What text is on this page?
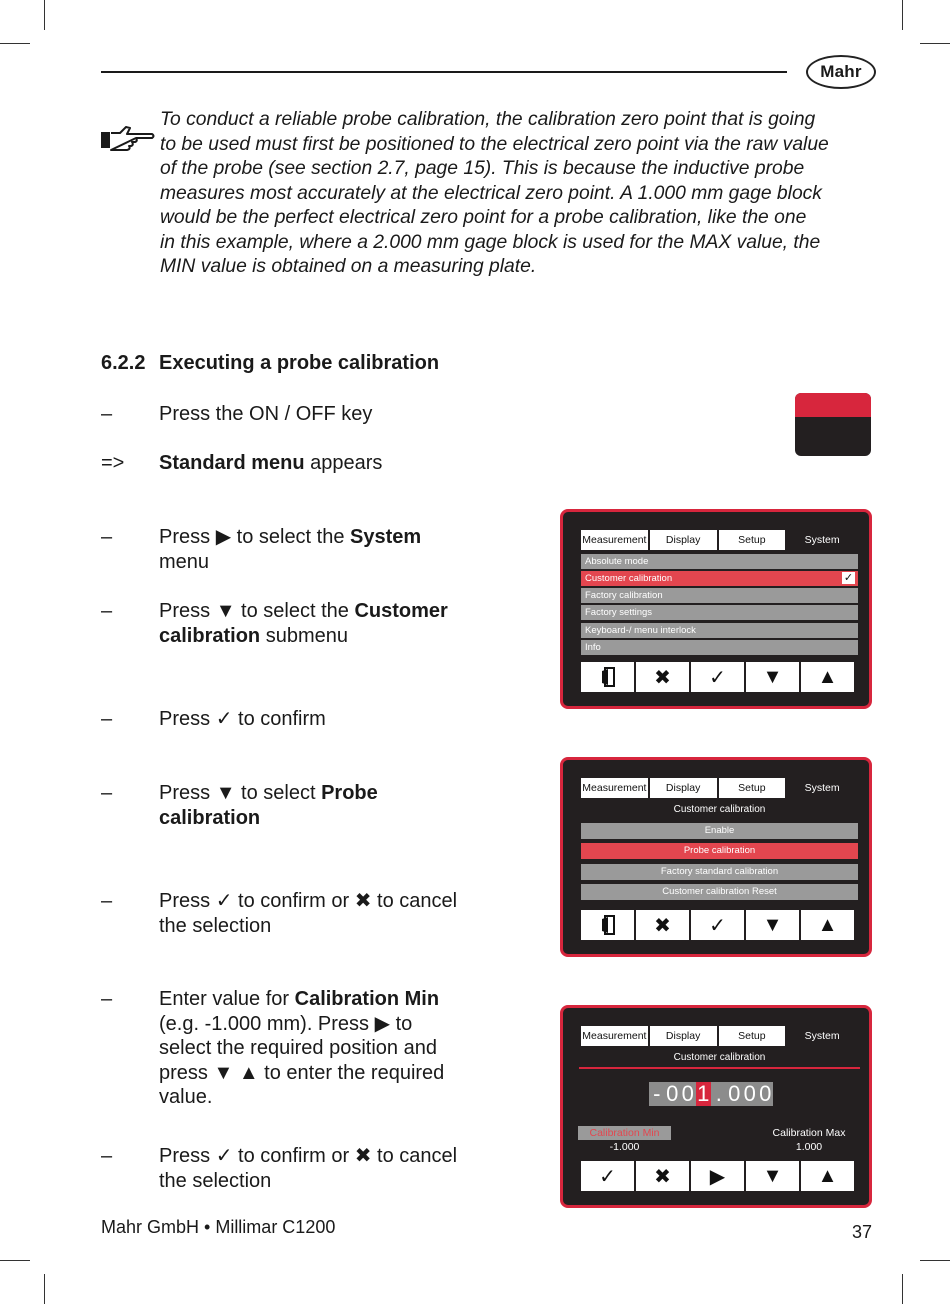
Mahr

To conduct a reliable probe calibration, the calibration zero point that is going

to be used must first be positioned to the electrical zero point via the raw value

of the probe (see section 2.7, page 15). This is because the inductive probe

measures most accurately at the electrical zero point. A 1.000 mm gage block

would be the perfect electrical zero point for a probe calibration, like the one

in this example, where a 2.000 mm gage block is used for the MAX value, the

MIN value is obtained on a measuring plate.

6.2.2 Executing a probe calibration
– Press the ON / OFF key
=> Standard menu appears
– Press ▶ to select the System
menu
– Press ▼ to select the Customer
calibration submenu
– Press ✓ to confirm
– Press ▼ to select Probe
calibration
– Press ✓ to confirm or ✖ to cancel
the selection
– Enter value for Calibration Min
(e.g. -1.000 mm). Press ▶ to
select the required position and
press ▼ ▲ to enter the required
value.
– Press ✓ to confirm or ✖ to cancel
the selection
Measurement	Display	Setup	System
Absolute mode
Customer calibration	✓
Factory calibration
Factory settings
Keyboard-/ menu interlock
Info
✖ ✓ ▼ ▲
Measurement	Display	Setup	System
Customer calibration
Enable
Probe calibration
Factory standard calibration
Customer calibration Reset
✖ ✓ ▼ ▲
Measurement	Display	Setup	System
Customer calibration
- 0 0 1 . 0 0 0
Calibration Min
-1.000
Calibration Max
1.000
✓ ✖ ▶ ▼ ▲
Mahr GmbH • Millimar C1200	37
